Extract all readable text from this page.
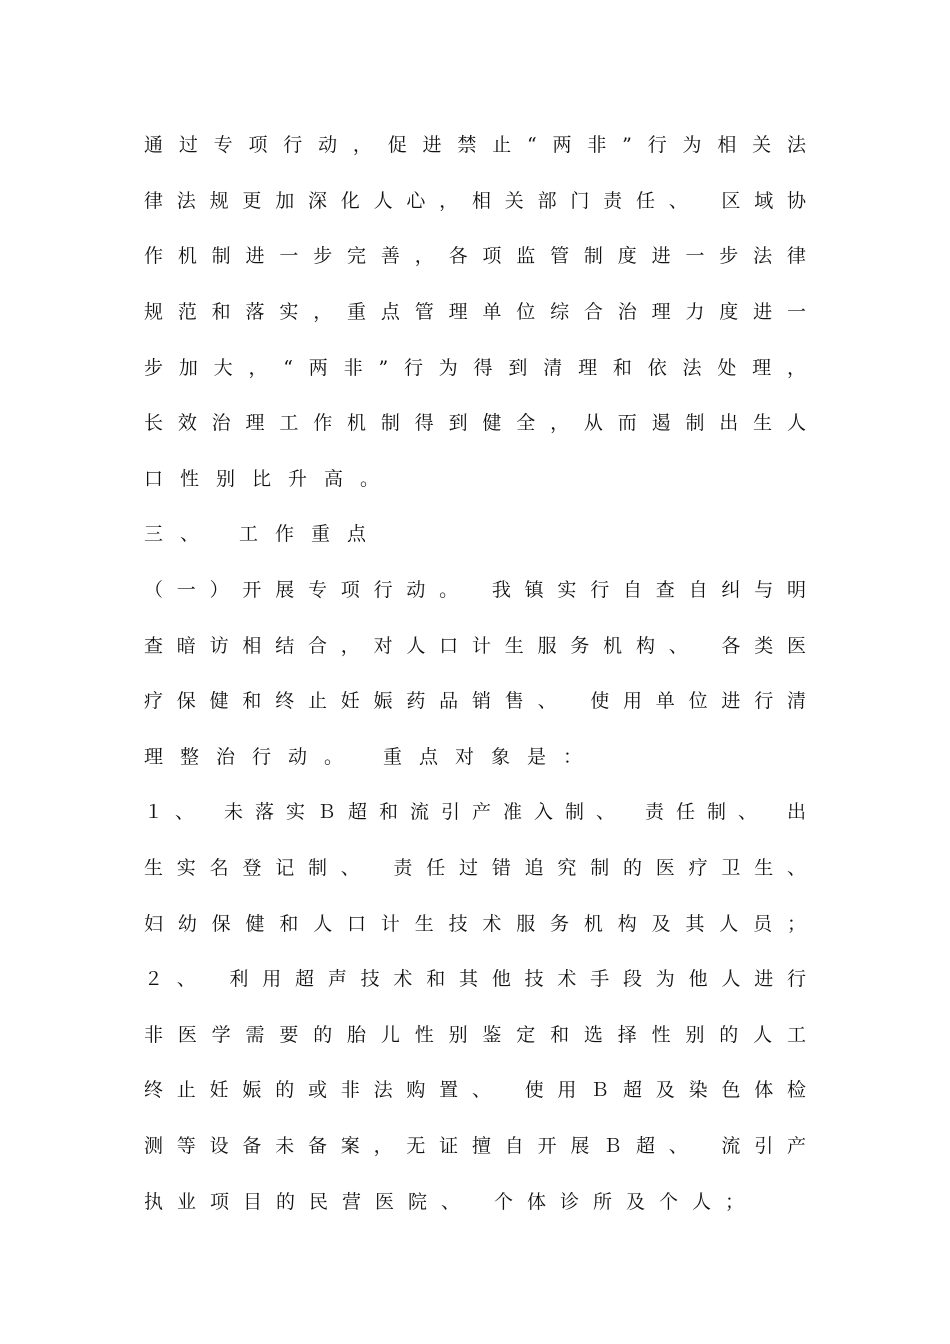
通过专项行动，促进禁止“两非”行为相关法
律法规更加深化人心，相关部门责任、 区域协
作机制进一步完善，各项监管制度进一步法律
规范和落实，重点管理单位综合治理力度进一
步加大，“两非”行为得到清理和依法处理，
长效治理工作机制得到健全，从而遏制出生人
口性别比升高。
三、 工作重点
（一）开展专项行动。 我镇实行自查自纠与明
查暗访相结合，对人口计生服务机构、 各类医
疗保健和终止妊娠药品销售、 使用单位进行清
理整治行动。 重点对象是：
１、 未落实Ｂ超和流引产准入制、 责任制、 出
生实名登记制、 责任过错追究制的医疗卫生、
妇幼保健和人口计生技术服务机构及其人员；
２、 利用超声技术和其他技术手段为他人进行
非医学需要的胎儿性别鉴定和选择性别的人工
终止妊娠的或非法购置、 使用Ｂ超及染色体检
测等设备未备案，无证擅自开展Ｂ超、 流引产
执业项目的民营医院、 个体诊所及个人；
